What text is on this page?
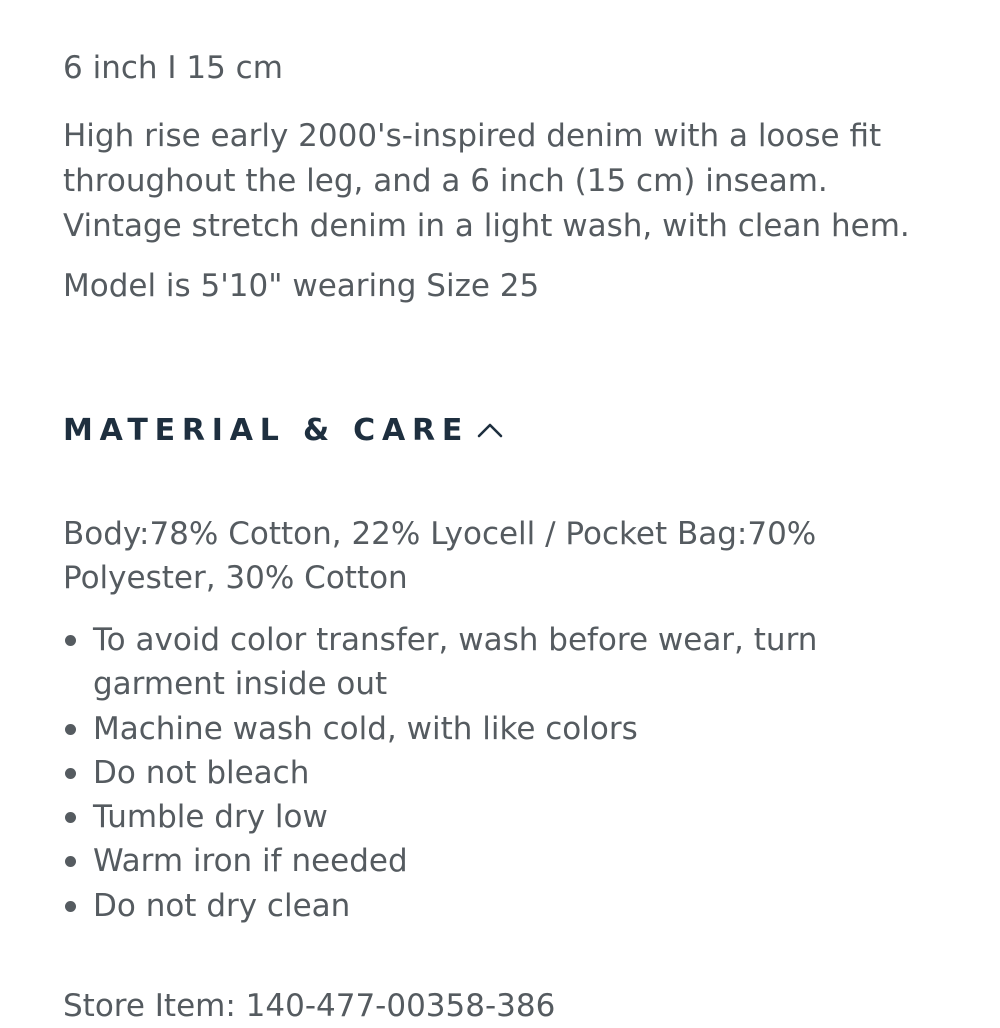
6 inch I 15 cm

High rise early 2000's-inspired denim with a loose fit
throughout the leg, and a 6 inch (15 cm) inseam.
Vintage stretch denim in a light wash, with clean hem.

Model is 5'10" wearing Size 25
MATERIAL & CARE

Body:78% Cotton, 22% Lyocell / Pocket Bag:70%
Polyester, 30% Cotton

To avoid color transfer, wash before wear, turn
garment inside out
Machine wash cold, with like colors
Do not bleach
Tumble dry low
Warm iron if needed
Do not dry clean
Store Item: 140-477-00358-386
